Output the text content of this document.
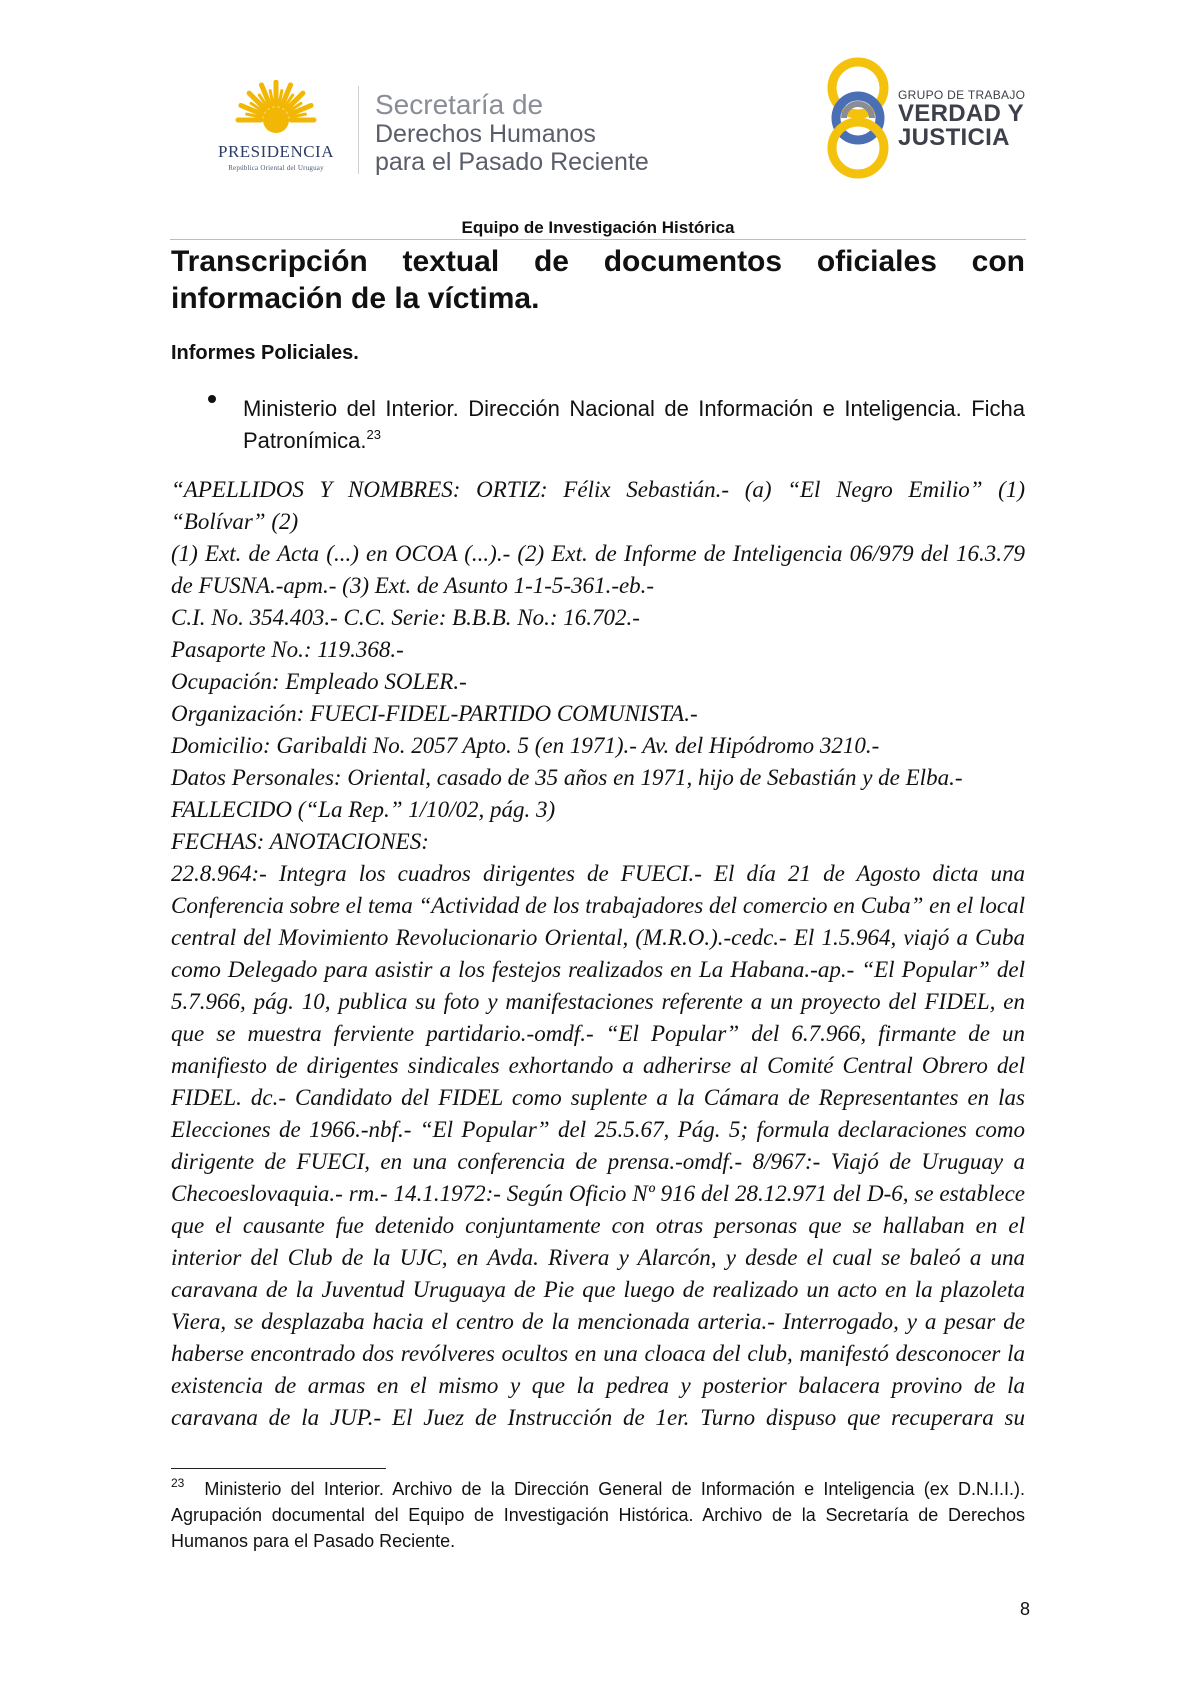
PRESIDENCIA
República Oriental del Uruguay
Secretaría de
Derechos Humanos
para el Pasado Reciente
GRUPO DE TRABAJO
VERDAD Y
JUSTICIA
Equipo de Investigación Histórica
Transcripción textual de documentos oficiales con información de la víctima.
Informes Policiales.
Ministerio del Interior. Dirección Nacional de Información e Inteligencia. Ficha Patronímica.$^{23}$
“APELLIDOS Y NOMBRES: ORTIZ: Félix Sebastián.- (a) “El Negro Emilio” (1) “Bolívar” (2)
(1) Ext. de Acta (...) en OCOA (...).- (2) Ext. de Informe de Inteligencia 06/979 del 16.3.79 de FUSNA.-apm.- (3) Ext. de Asunto 1-1-5-361.-eb.-
C.I. No. 354.403.- C.C. Serie: B.B.B. No.: 16.702.-
Pasaporte No.: 119.368.-
Ocupación: Empleado SOLER.-
Organización: FUECI-FIDEL-PARTIDO COMUNISTA.-
Domicilio: Garibaldi No. 2057 Apto. 5 (en 1971).- Av. del Hipódromo 3210.-
Datos Personales: Oriental, casado de 35 años en 1971, hijo de Sebastián y de Elba.-
FALLECIDO (“La Rep.” 1/10/02, pág. 3)
FECHAS: ANOTACIONES:
22.8.964:- Integra los cuadros dirigentes de FUECI.- El día 21 de Agosto dicta una Conferencia sobre el tema “Actividad de los trabajadores del comercio en Cuba” en el local central del Movimiento Revolucionario Oriental, (M.R.O.).-cedc.- El 1.5.964, viajó a Cuba como Delegado para asistir a los festejos realizados en La Habana.-ap.- “El Popular” del 5.7.966, pág. 10, publica su foto y manifestaciones referente a un proyecto del FIDEL, en que se muestra ferviente partidario.-omdf.- “El Popular” del 6.7.966, firmante de un manifiesto de dirigentes sindicales exhortando a adherirse al Comité Central Obrero del FIDEL. dc.- Candidato del FIDEL como suplente a la Cámara de Representantes en las Elecciones de 1966.-nbf.- “El Popular” del 25.5.67, Pág. 5; formula declaraciones como dirigente de FUECI, en una conferencia de prensa.-omdf.- 8/967:- Viajó de Uruguay a Checoeslovaquia.- rm.- 14.1.1972:- Según Oficio Nº 916 del 28.12.971 del D-6, se establece que el causante fue detenido conjuntamente con otras personas que se hallaban en el interior del Club de la UJC, en Avda. Rivera y Alarcón, y desde el cual se baleó a una caravana de la Juventud Uruguaya de Pie que luego de realizado un acto en la plazoleta Viera, se desplazaba hacia el centro de la mencionada arteria.- Interrogado, y a pesar de haberse encontrado dos revólveres ocultos en una cloaca del club, manifestó desconocer la existencia de armas en el mismo y que la pedrea y posterior balacera provino de la caravana de la JUP.- El Juez de Instrucción de 1er. Turno dispuso que recuperara su
$^{23}$ Ministerio del Interior. Archivo de la Dirección General de Información e Inteligencia (ex D.N.I.I.). Agrupación documental del Equipo de Investigación Histórica. Archivo de la Secretaría de Derechos Humanos para el Pasado Reciente.
8
